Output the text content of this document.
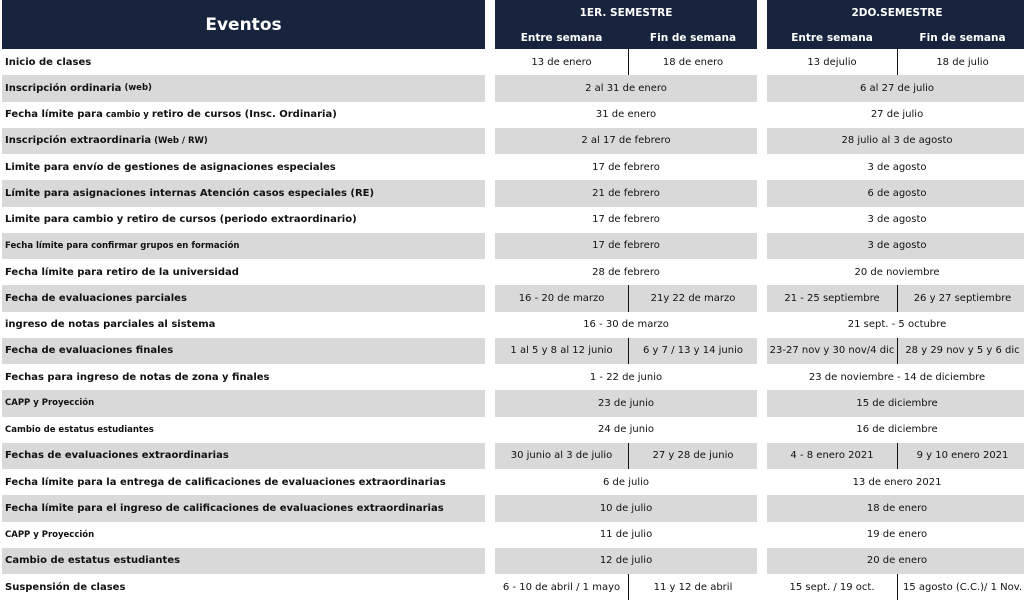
Eventos
1ER. SEMESTRE	2DO.SEMESTRE
Entre semana	Fin de semana	Entre semana	Fin de semana
Inicio de clases	13 de enero	18 de enero	13 dejulio	18 de julio
Inscripción ordinaria (web)	2 al 31 de enero	6 al 27 de julio
Fecha límite para cambio y retiro de cursos (Insc. Ordinaria)	31 de enero	27 de julio
Inscripción extraordinaria (Web / RW)	2 al 17 de febrero	28 julio al 3 de agosto
Limite para envío de gestiones de asignaciones especiales	17 de febrero	3 de agosto
Límite para asignaciones internas Atención casos especiales (RE)	21 de febrero	6 de agosto
Limite para cambio y retiro de cursos (periodo extraordinario)	17 de febrero	3 de agosto
Fecha límite para confirmar grupos en formación	17 de febrero	3 de agosto
Fecha límite para retiro de la universidad	28 de febrero	20 de noviembre
Fecha de evaluaciones parciales	16 - 20 de marzo	21y 22 de marzo	21 - 25 septiembre	26 y 27 septiembre
ingreso de notas parciales al sistema	16 - 30 de marzo	21 sept. - 5 octubre
Fecha de evaluaciones finales	1 al 5 y 8 al 12 junio	6 y 7 / 13 y 14 junio	23-27 nov y 30 nov/4 dic	28 y 29 nov y 5 y 6 dic
Fechas para ingreso de notas de zona y finales	1 - 22 de junio	23 de noviembre - 14 de diciembre
CAPP y Proyección	23 de junio	15 de diciembre
Cambio de estatus estudiantes	24 de junio	16 de diciembre
Fechas de evaluaciones extraordinarias	30 junio al 3 de julio	27 y 28 de junio	4 - 8 enero 2021	9 y 10 enero 2021
Fecha límite para la entrega de calificaciones de evaluaciones extraordinarias	6 de julio	13 de enero 2021
Fecha límite para el ingreso de calificaciones de evaluaciones extraordinarias	10 de julio	18 de enero
CAPP y Proyección	11 de julio	19 de enero
Cambio de estatus estudiantes	12 de julio	20 de enero
Suspensión de clases	6 - 10 de abril / 1 mayo	11 y 12 de abril	15 sept. / 19 oct.	15 agosto (C.C.)/ 1 Nov.
